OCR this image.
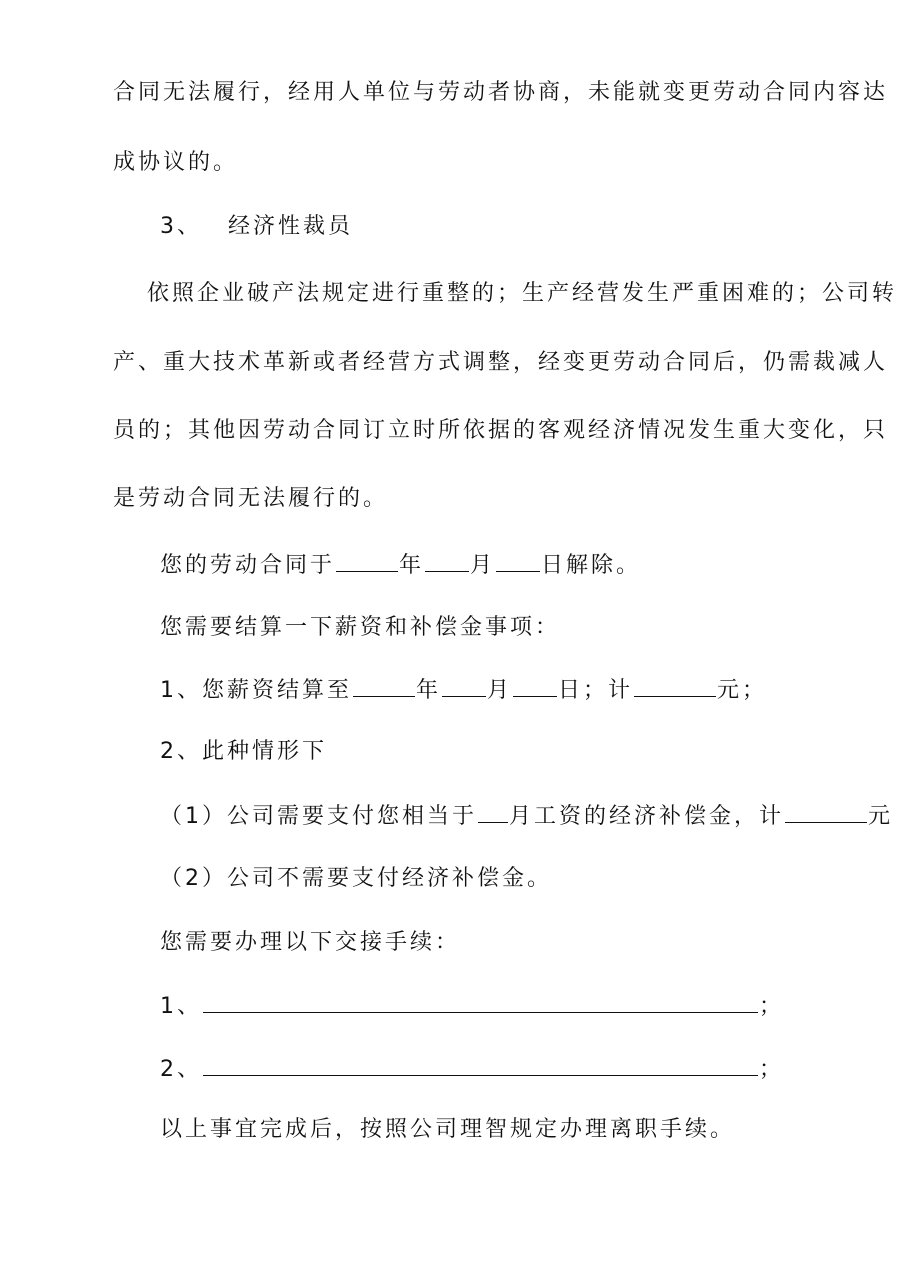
合同无法履行，经用人单位与劳动者协商，未能就变更劳动合同内容达
成协议的。
3、 经济性裁员
依照企业破产法规定进行重整的；生产经营发生严重困难的；公司转
产、重大技术革新或者经营方式调整，经变更劳动合同后，仍需裁减人
员的；其他因劳动合同订立时所依据的客观经济情况发生重大变化，只
是劳动合同无法履行的。
您的劳动合同于	年 月 日解除。
您需要结算一下薪资和补偿金事项：
1、您薪资结算至	年 月 日；计	元；
2、此种情形下
（1）公司需要支付您相当于 月工资的经济补偿金，计	元
（2）公司不需要支付经济补偿金。
您需要办理以下交接手续：
1、	；
2、	；
以上事宜完成后，按照公司理智规定办理离职手续。
